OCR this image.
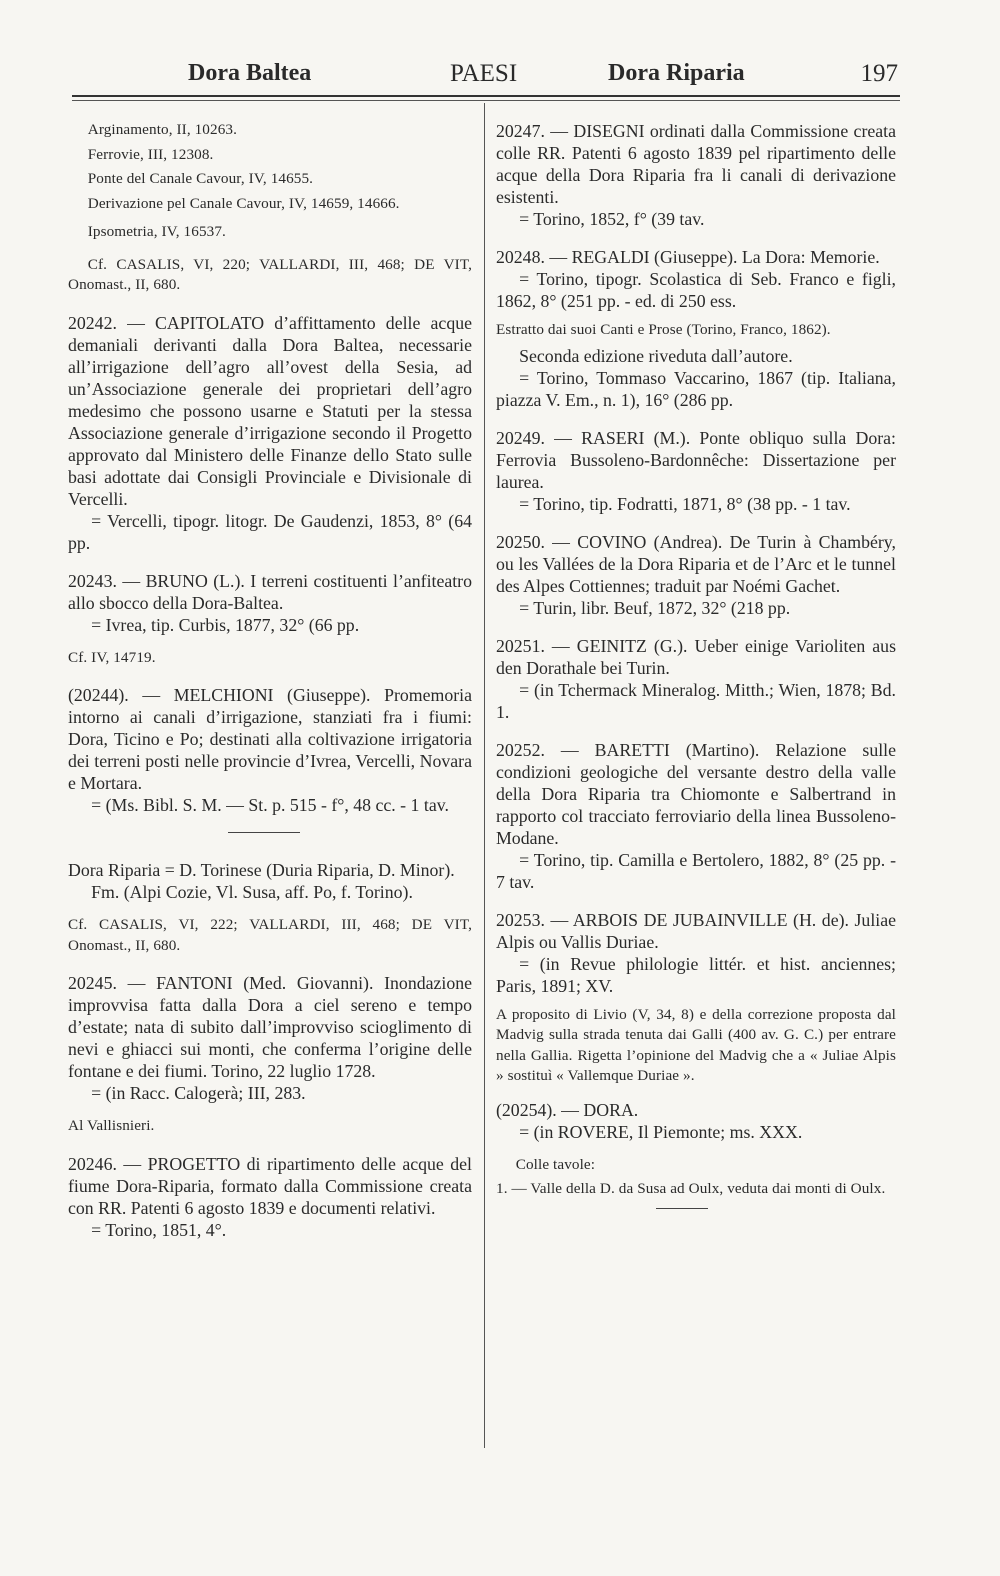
Dora Baltea	PAESI	Dora Riparia	197

Arginamento, II, 10263.

Ferrovie, III, 12308.

Ponte del Canale Cavour, IV, 14655.

Derivazione pel Canale Cavour, IV, 14659, 14666.

Ipsometria, IV, 16537.

Cf. CASALIS, VI, 220; VALLARDI, III, 468; DE VIT, Onomast., II, 680.

20242. — CAPITOLATO d’affittamento delle acque demaniali derivanti dalla Dora Baltea, necessarie all’irrigazione dell’agro all’ovest della Sesia, ad un’Associazione generale dei proprietari dell’agro medesimo che possono usarne e Statuti per la stessa Associazione generale d’irrigazione secondo il Progetto approvato dal Ministero delle Finanze dello Stato sulle basi adottate dai Consigli Provinciale e Divisionale di Vercelli.

= Vercelli, tipogr. litogr. De Gaudenzi, 1853, 8° (64 pp.

20243. — BRUNO (L.). I terreni costituenti l’anfiteatro allo sbocco della Dora-Baltea.

= Ivrea, tip. Curbis, 1877, 32° (66 pp.

Cf. IV, 14719.

(20244). — MELCHIONI (Giuseppe). Promemoria intorno ai canali d’irrigazione, stanziati fra i fiumi: Dora, Ticino e Po; destinati alla coltivazione irrigatoria dei terreni posti nelle provincie d’Ivrea, Vercelli, Novara e Mortara.

= (Ms. Bibl. S. M. — St. p. 515 - f°, 48 cc. - 1 tav.

Dora Riparia = D. Torinese (Duria Riparia, D. Minor).

Fm. (Alpi Cozie, Vl. Susa, aff. Po, f. Torino).

Cf. CASALIS, VI, 222; VALLARDI, III, 468; DE VIT, Onomast., II, 680.

20245. — FANTONI (Med. Giovanni). Inondazione improvvisa fatta dalla Dora a ciel sereno e tempo d’estate; nata di subito dall’improvviso scioglimento di nevi e ghiacci sui monti, che conferma l’origine delle fontane e dei fiumi. Torino, 22 luglio 1728.

= (in Racc. Calogerà; III, 283.

Al Vallisnieri.

20246. — PROGETTO di ripartimento delle acque del fiume Dora-Riparia, formato dalla Commissione creata con RR. Patenti 6 agosto 1839 e documenti relativi.

= Torino, 1851, 4°.

20247. — DISEGNI ordinati dalla Commissione creata colle RR. Patenti 6 agosto 1839 pel ripartimento delle acque della Dora Riparia fra li canali di derivazione esistenti.

= Torino, 1852, f° (39 tav.

20248. — REGALDI (Giuseppe). La Dora: Memorie.

= Torino, tipogr. Scolastica di Seb. Franco e figli, 1862, 8° (251 pp. - ed. di 250 ess.

Estratto dai suoi Canti e Prose (Torino, Franco, 1862).

Seconda edizione riveduta dall’autore.

= Torino, Tommaso Vaccarino, 1867 (tip. Italiana, piazza V. Em., n. 1), 16° (286 pp.

20249. — RASERI (M.). Ponte obliquo sulla Dora: Ferrovia Bussoleno-Bardonnêche: Dissertazione per laurea.

= Torino, tip. Fodratti, 1871, 8° (38 pp. - 1 tav.

20250. — COVINO (Andrea). De Turin à Chambéry, ou les Vallées de la Dora Riparia et de l’Arc et le tunnel des Alpes Cottiennes; traduit par Noémi Gachet.

= Turin, libr. Beuf, 1872, 32° (218 pp.

20251. — GEINITZ (G.). Ueber einige Varioliten aus den Dorathale bei Turin.

= (in Tchermack Mineralog. Mitth.; Wien, 1878; Bd. 1.

20252. — BARETTI (Martino). Relazione sulle condizioni geologiche del versante destro della valle della Dora Riparia tra Chiomonte e Salbertrand in rapporto col tracciato ferroviario della linea Bussoleno-Modane.

= Torino, tip. Camilla e Bertolero, 1882, 8° (25 pp. - 7 tav.

20253. — ARBOIS DE JUBAINVILLE (H. de). Juliae Alpis ou Vallis Duriae.

= (in Revue philologie littér. et hist. anciennes; Paris, 1891; XV.

A proposito di Livio (V, 34, 8) e della correzione proposta dal Madvig sulla strada tenuta dai Galli (400 av. G. C.) per entrare nella Gallia. Rigetta l’opinione del Madvig che a « Juliae Alpis » sostituì « Vallemque Duriae ».

(20254). — DORA.

= (in ROVERE, Il Piemonte; ms. XXX.

Colle tavole:

1. — Valle della D. da Susa ad Oulx, veduta dai monti di Oulx.
